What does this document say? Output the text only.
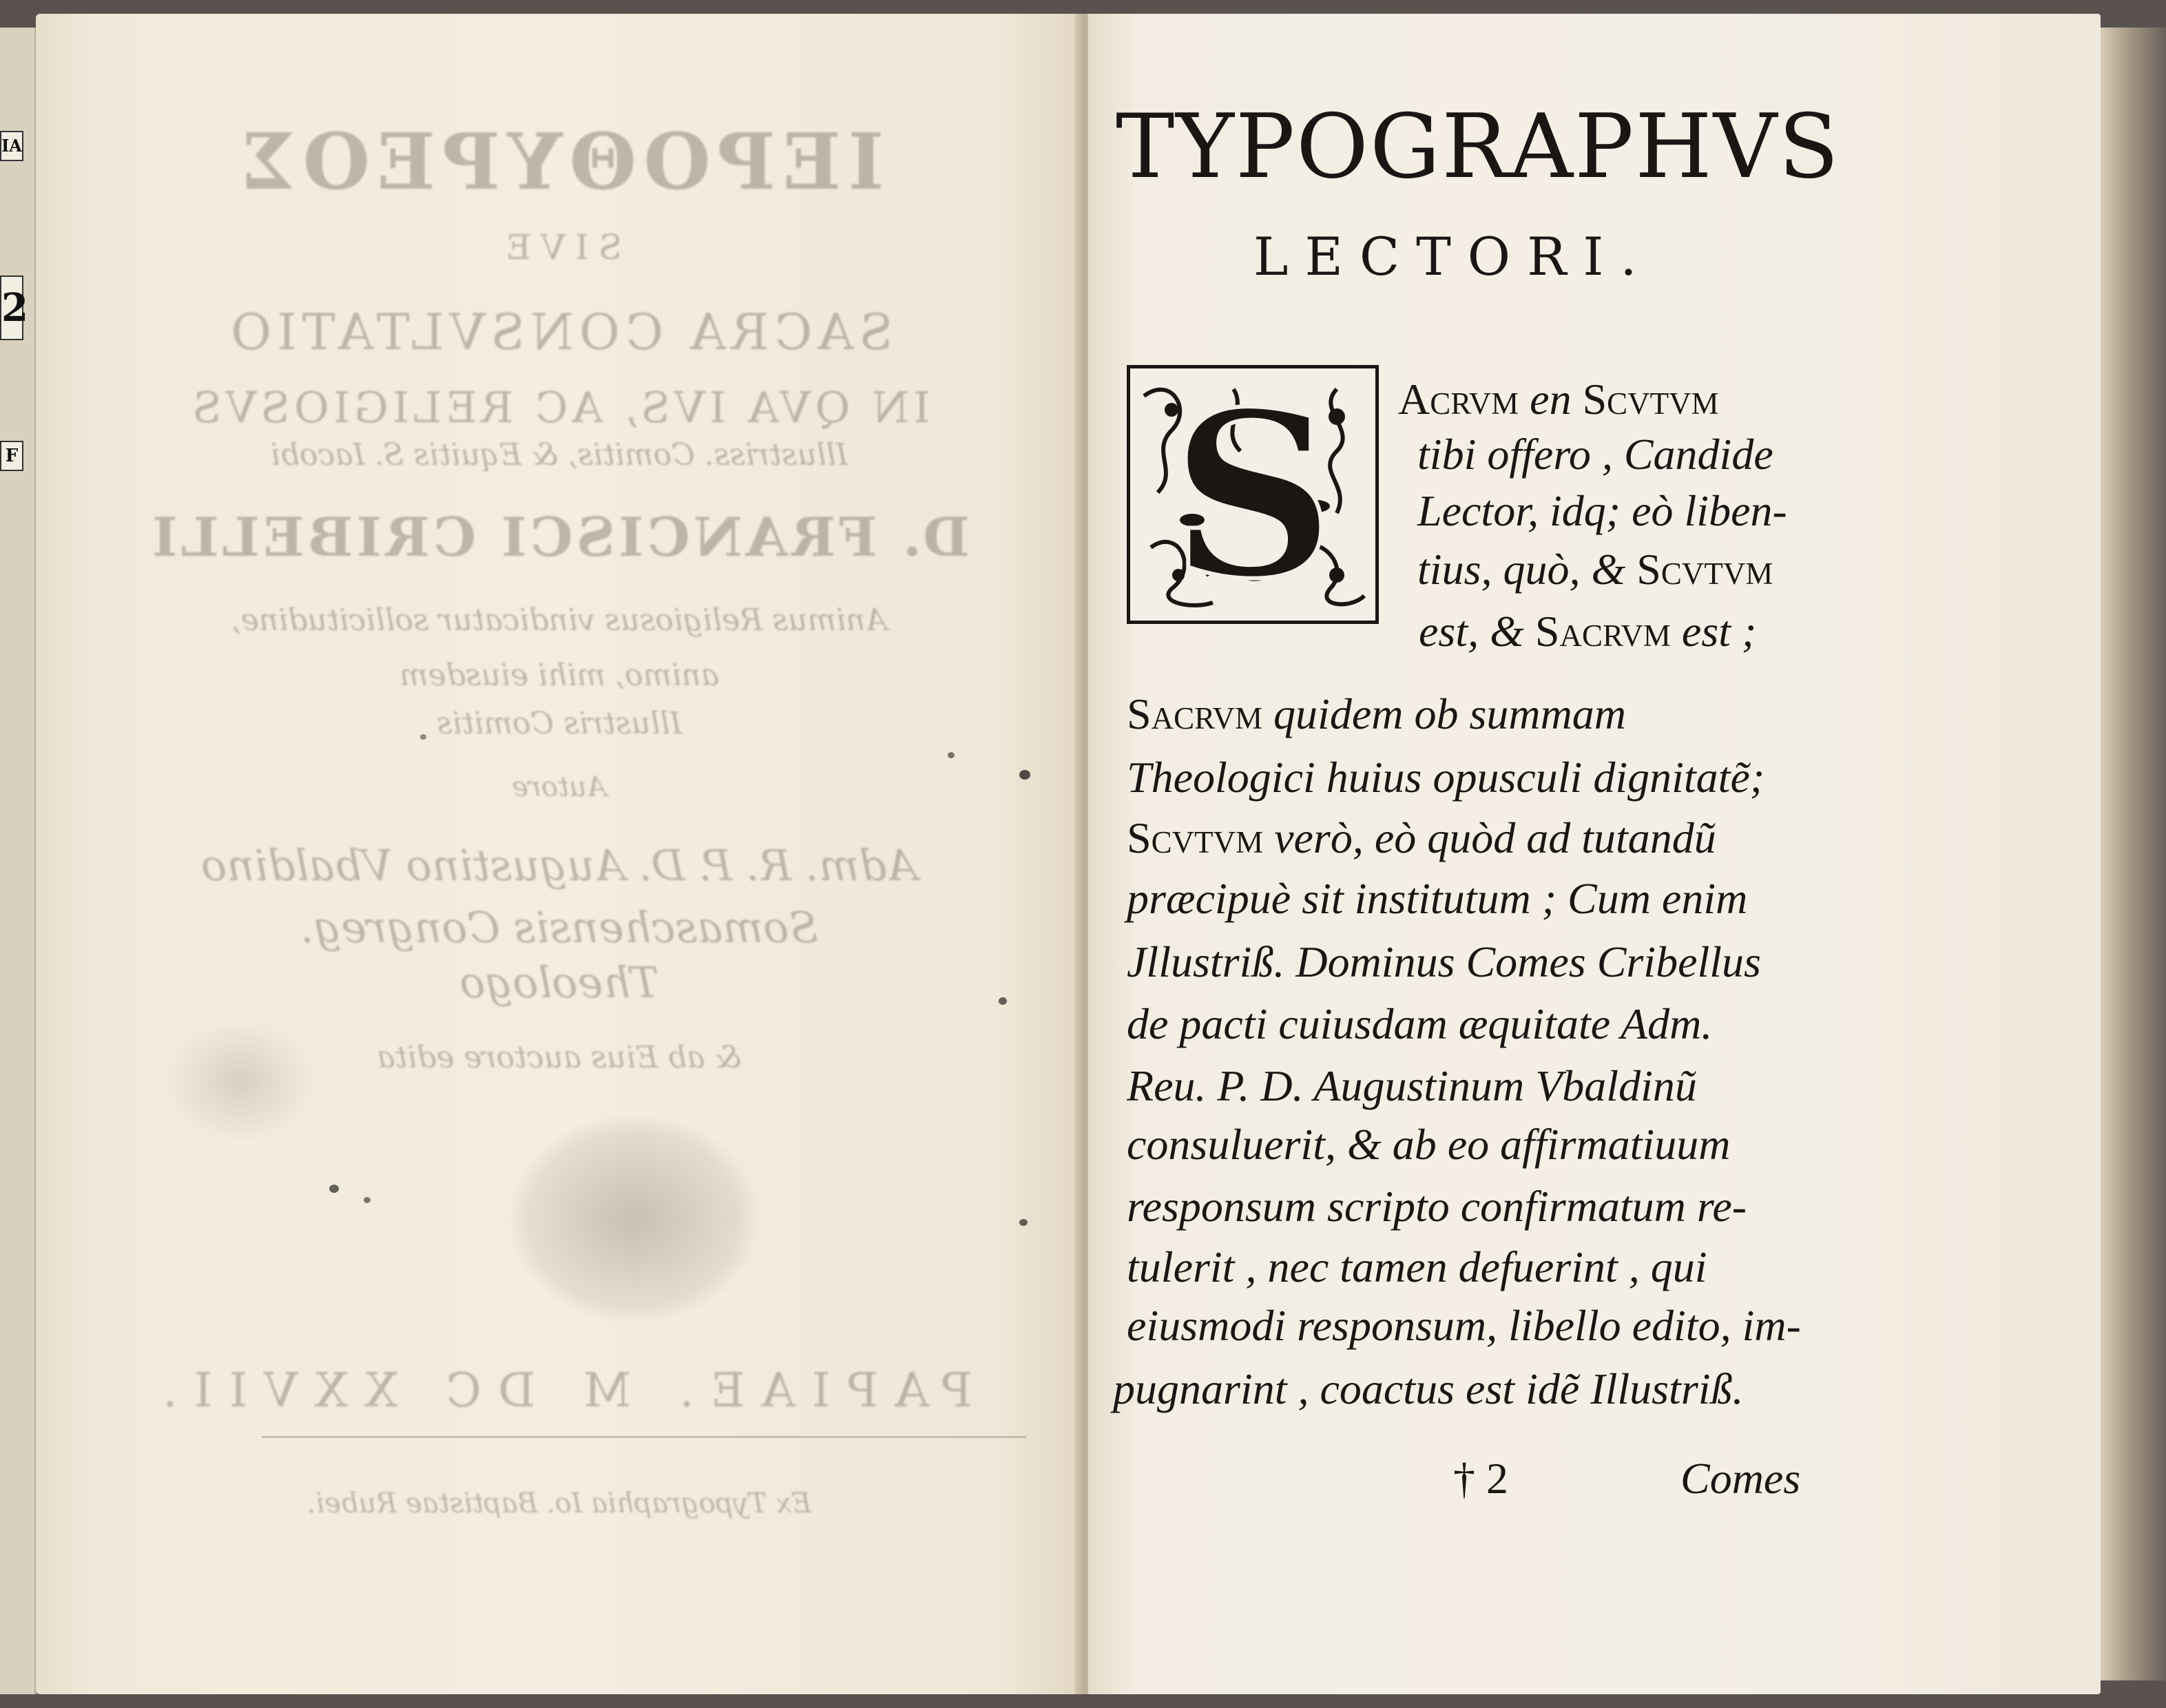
IA
2
F
ΙΕΡΟΘΥΡΕΟΣ
SIVE
SACRA CONSVLTATIO
IN QVA IVS, AC RELIGIOSVS
Illustriss. Comitis, & Equitis S. Iacobi
D. FRANCISCI CRIBELLI
Animus Religiosus vindicatur sollicitudine,
animo, mihi eiusdem
Illustris Comitis
Autore
Adm. R. P. D. Augustino Vbaldino
Somaschensis Congreg.
Theologo
& ab Eius auctore edita
PAPIAE. M DC XXVII.
Ex Typographia Io. Baptistae Rubei.
TYPOGRAPHVS
LECTORI.
S Acrvm en Scvtvm
tibi offero , Candide
Lector, idq; eò liben-
tius, quò, & Scvtvm
est, & Sacrvm est ;
Sacrvm quidem ob summam
Theologici huius opusculi dignitatẽ;
Scvtvm verò, eò quòd ad tutandũ
præcipuè sit institutum ; Cum enim
Jllustriß. Dominus Comes Cribellus
de pacti cuiusdam æquitate Adm.
Reu. P. D. Augustinum Vbaldinũ
consuluerit, & ab eo affirmatiuum
responsum scripto confirmatum re-
tulerit , nec tamen defuerint , qui
eiusmodi responsum, libello edito, im-
pugnarint , coactus est idẽ Illustriß.
† 2	Comes
